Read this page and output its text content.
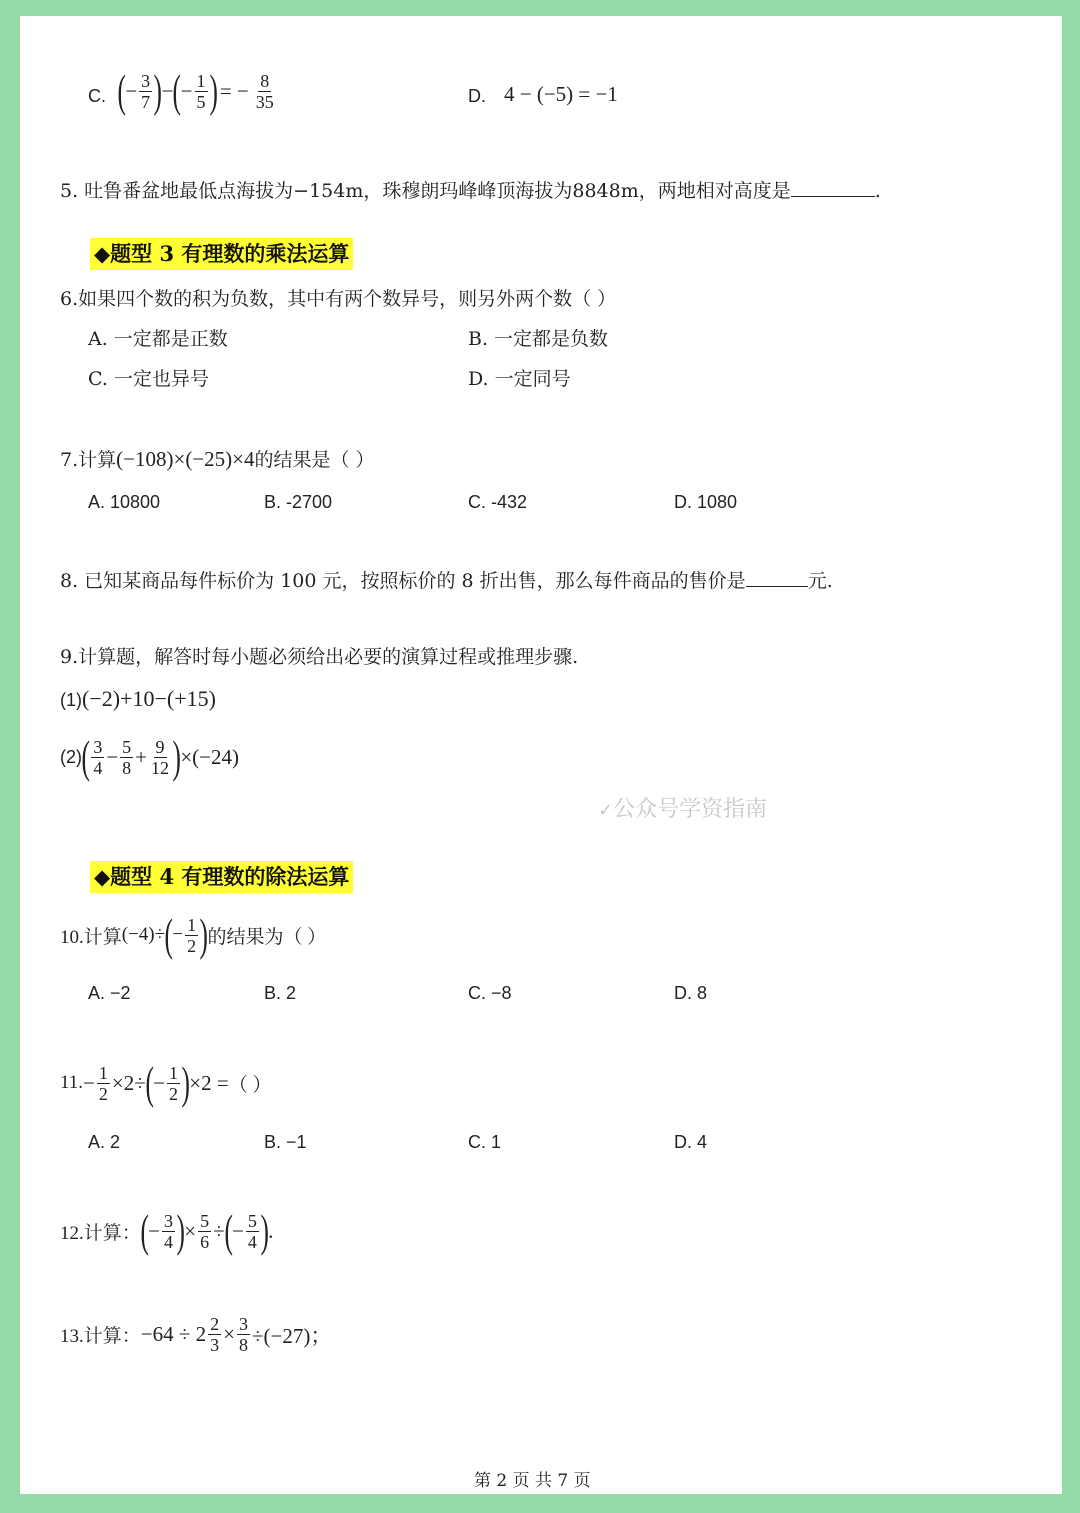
C. ( − $\frac{3}{7}$ ) − ( − $\frac{1}{5}$ ) = − $\frac{8}{35}$	D. 4 − (−5) = −1
5. 吐鲁番盆地最低点海拔为−154m，珠穆朗玛峰峰顶海拔为8848m，两地相对高度是	.
◆题型 3 有理数的乘法运算
6.如果四个数的积为负数，其中有两个数异号，则另外两个数（ ）
A. 一定都是正数	B. 一定都是负数
C. 一定也异号	D. 一定同号
7.计算(−108)×(−25)×4的结果是（ ）
A. 10800	B. -2700	C. -432	D. 1080
8. 已知某商品每件标价为 100 元，按照标价的 8 折出售，那么每件商品的售价是	元.
9.计算题，解答时每小题必须给出必要的演算过程或推理步骤.
(1)(−2)+10−(+15)
(2) ( $\frac{3}{4} - \frac{5}{8} + \frac{9}{12}$ ) ×(−24)
✓公众号学资指南
◆题型 4 有理数的除法运算
10.计算 (−4)÷ ( − $\frac{1}{2}$ ) 的结果为（ ）
A. −2	B. 2	C. −8	D. 8
11. − $\frac{1}{2} \times 2\div$ ( − $\frac{1}{2}$ ) ×2 = （ ）
A. 2	B. −1	C. 1	D. 4
12.计算： ( − $\frac{3}{4}$ ) × $\frac{5}{6}$ ÷ ( − $\frac{5}{4}$ ) .
13.计算： $-64 \div 2 \frac{2}{3} \times \frac{3}{8} \div(-27)$；
第 2 页 共 7 页
